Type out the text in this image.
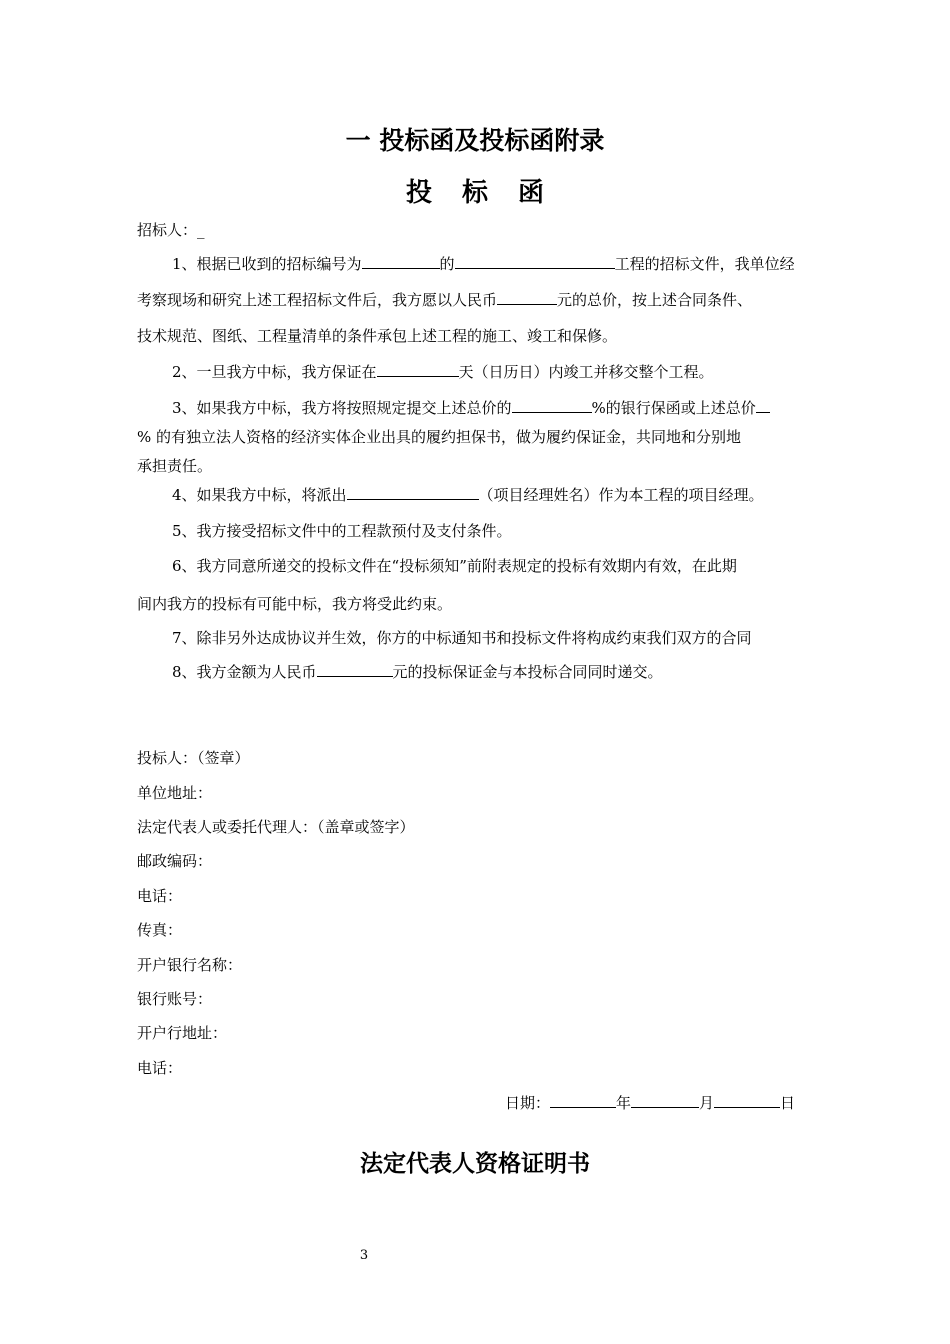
一 投标函及投标函附录
投标函
招标人：_
1、根据已收到的招标编号为	的	工程的招标文件，我单位经
考察现场和研究上述工程招标文件后，我方愿以人民币	元的总价，按上述合同条件、
技术规范、图纸、工程量清单的条件承包上述工程的施工、竣工和保修。
2、一旦我方中标，我方保证在	天（日历日）内竣工并移交整个工程。
3、如果我方中标，我方将按照规定提交上述总价的	%的银行保函或上述总价
% 的有独立法人资格的经济实体企业出具的履约担保书，做为履约保证金，共同地和分别地
承担责任。
4、如果我方中标，将派出	（项目经理姓名）作为本工程的项目经理。
5、我方接受招标文件中的工程款预付及支付条件。
6、我方同意所递交的投标文件在“投标须知”前附表规定的投标有效期内有效，在此期
间内我方的投标有可能中标，我方将受此约束。
7、除非另外达成协议并生效，你方的中标通知书和投标文件将构成约束我们双方的合同
8、我方金额为人民币	元的投标保证金与本投标合同同时递交。
投标人：（签章）
单位地址：
法定代表人或委托代理人：（盖章或签字）
邮政编码：
电话：
传真：
开户银行名称：
银行账号：
开户行地址：
电话：
日期：	年	月	日
法定代表人资格证明书
3
